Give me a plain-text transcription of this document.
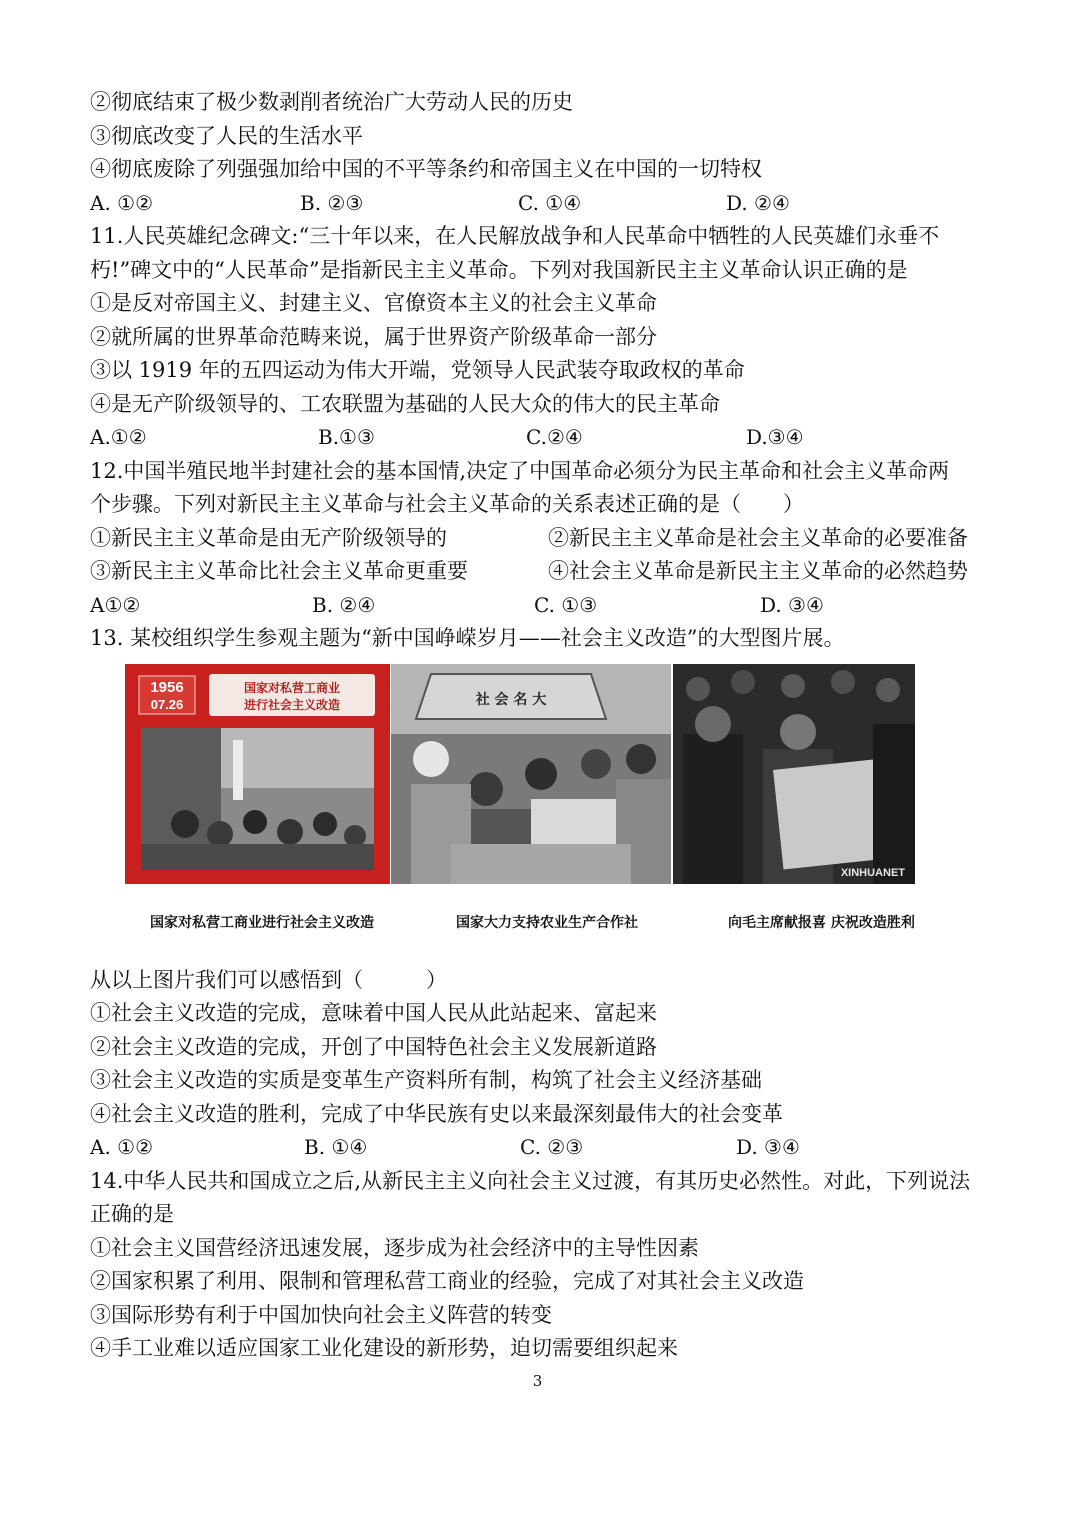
②彻底结束了极少数剥削者统治广大劳动人民的历史
③彻底改变了人民的生活水平
④彻底废除了列强强加给中国的不平等条约和帝国主义在中国的一切特权
A. ①②	B. ②③	C. ①④	D. ②④
11.人民英雄纪念碑文:“三十年以来，在人民解放战争和人民革命中牺牲的人民英雄们永垂不
朽!”碑文中的“人民革命”是指新民主主义革命。下列对我国新民主主义革命认识正确的是
①是反对帝国主义、封建主义、官僚资本主义的社会主义革命
②就所属的世界革命范畴来说，属于世界资产阶级革命一部分
③以 1919 年的五四运动为伟大开端，党领导人民武装夺取政权的革命
④是无产阶级领导的、工农联盟为基础的人民大众的伟大的民主革命
A.①②	B.①③	C.②④	D.③④
12.中国半殖民地半封建社会的基本国情,决定了中国革命必须分为民主革命和社会主义革命两
个步骤。下列对新民主主义革命与社会主义革命的关系表述正确的是（　　）
①新民主主义革命是由无产阶级领导的	②新民主主义革命是社会主义革命的必要准备
③新民主主义革命比社会主义革命更重要	④社会主义革命是新民主主义革命的必然趋势
A①②	B. ②④	C. ①③	D. ③④
13. 某校组织学生参观主题为“新中国峥嵘岁月——社会主义改造”的大型图片展。
1956
07.26
国家对私营工商业
进行社会主义改造	社 会 名 大
XINHUANET
国家对私营工商业进行社会主义改造	国家大力支持农业生产合作社	向毛主席献报喜 庆祝改造胜利
从以上图片我们可以感悟到（　　　）
①社会主义改造的完成，意味着中国人民从此站起来、富起来
②社会主义改造的完成，开创了中国特色社会主义发展新道路
③社会主义改造的实质是变革生产资料所有制，构筑了社会主义经济基础
④社会主义改造的胜利，完成了中华民族有史以来最深刻最伟大的社会变革
A. ①②	B. ①④	C. ②③	D. ③④
14.中华人民共和国成立之后,从新民主主义向社会主义过渡，有其历史必然性。对此，下列说法
正确的是
①社会主义国营经济迅速发展，逐步成为社会经济中的主导性因素
②国家积累了利用、限制和管理私营工商业的经验，完成了对其社会主义改造
③国际形势有利于中国加快向社会主义阵营的转变
④手工业难以适应国家工业化建设的新形势，迫切需要组织起来
3
